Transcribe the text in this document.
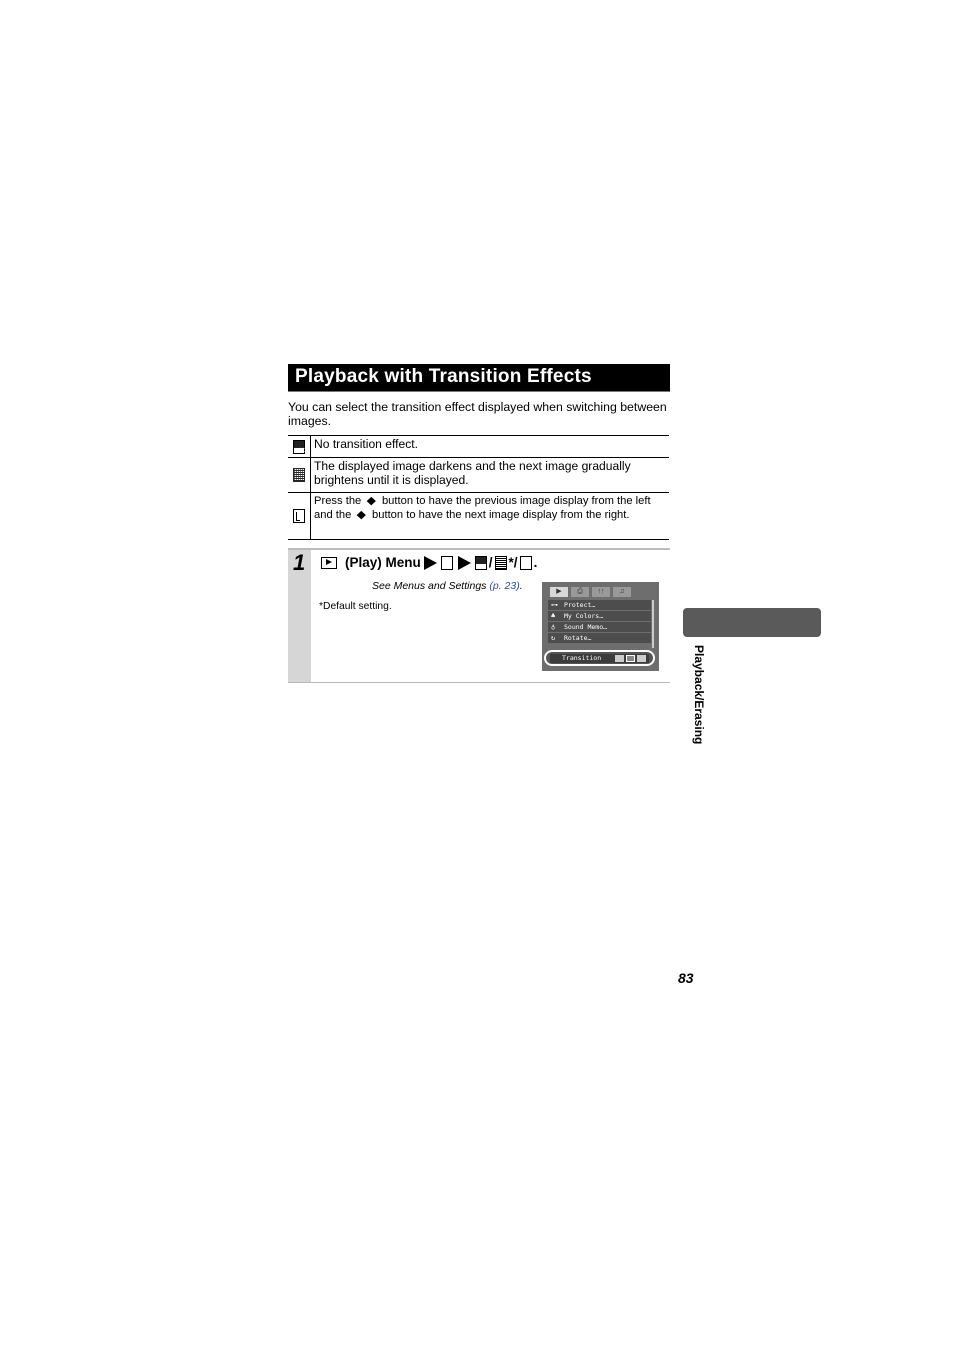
Playback with Transition Effects
You can select the transition effect displayed when switching between images.
×	No transition effect.
	The displayed image darkens and the next image gradually brightens until it is displayed.
	Press the ◆ button to have the previous image display from the left and the ◆ button to have the next image display from the right.
1	(Play) Menu	/ * / .
See Menus and Settings (p. 23).
*Default setting.
▶	⎙	↑↑	♫
⊶ Protect…
♣ My Colors…
♁ Sound Memo…
↻ Rotate…
Transition	Playback/Erasing
83
